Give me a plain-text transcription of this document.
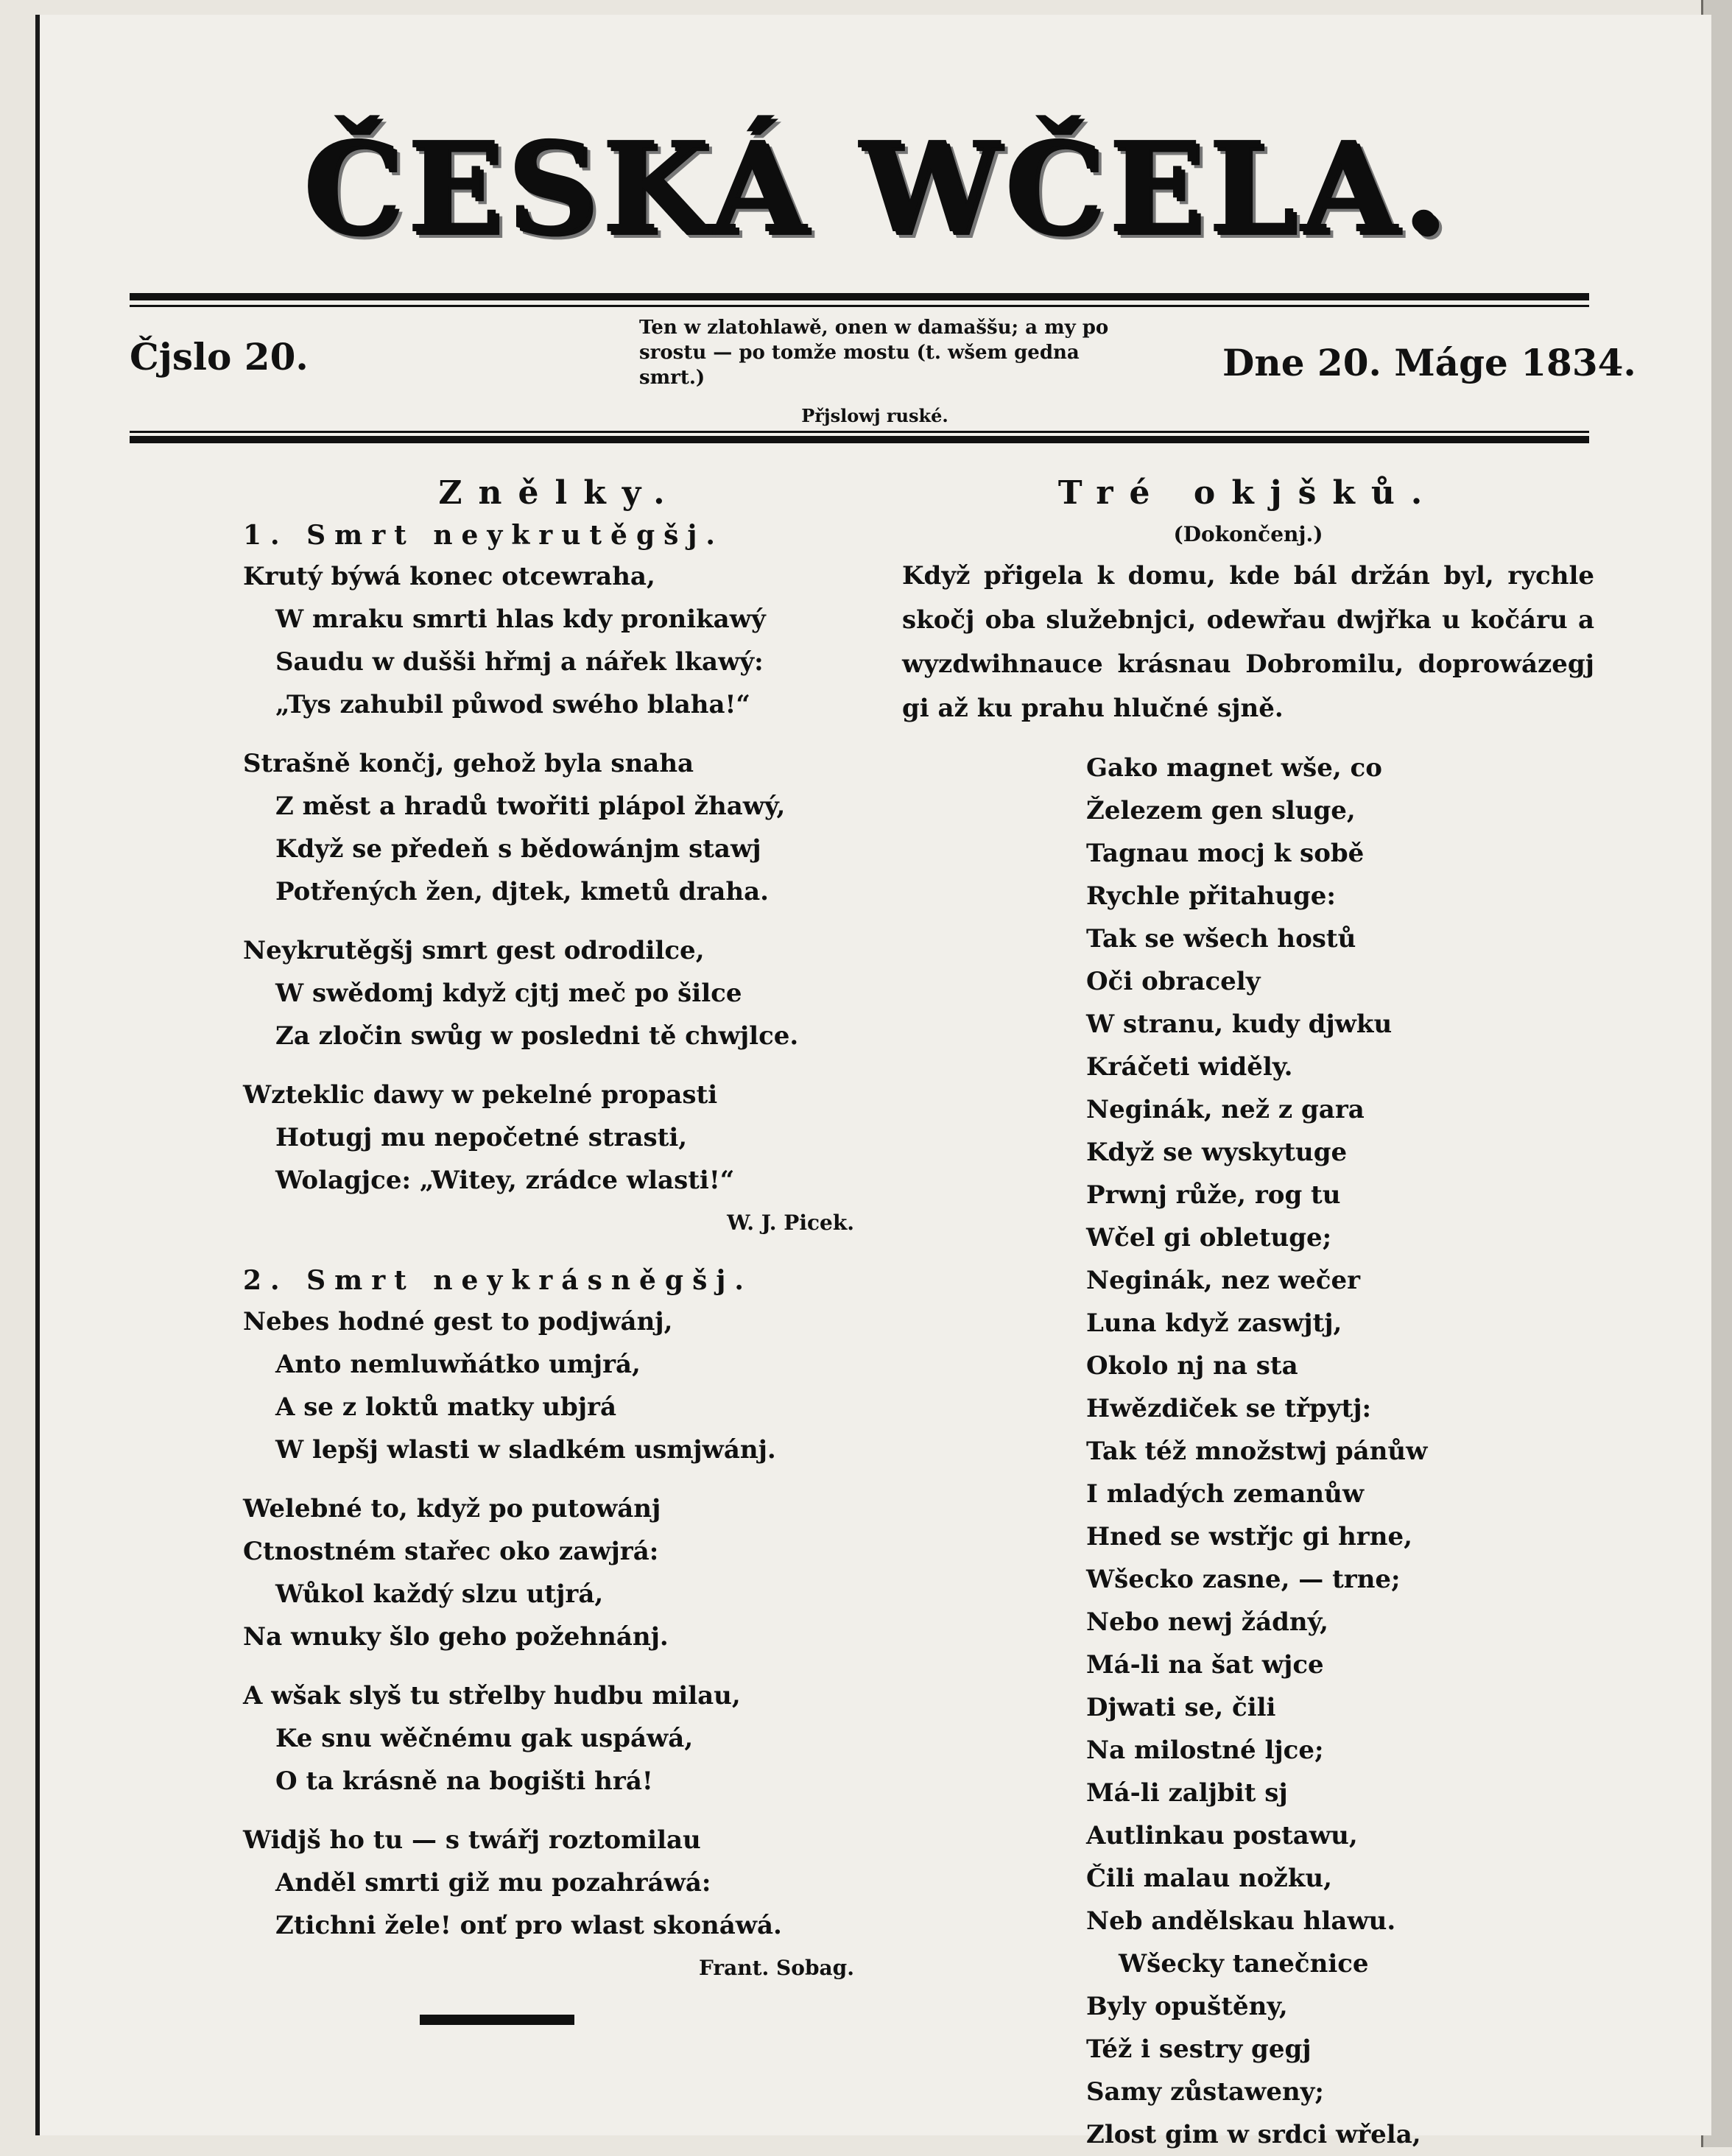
ČESKÁ WČELA.
Čjslo 20.
Ten w zlatohlawě, onen w damaššu; a my po srostu — po tomže mostu (t. wšem gedna smrt.)
Přjslowj ruské.
Dne 20. Máge 1834.
Znělky.
1. Smrt neykrutěgšj.
Krutý býwá konec otcewraha,
W mraku smrti hlas kdy pronikawý
Saudu w dušši hřmj a nářek lkawý:
„Tys zahubil půwod swého blaha!“
Strašně končj, gehož byla snaha
Z měst a hradů twořiti plápol žhawý,
Když se předeň s bědowánjm stawj
Potřených žen, djtek, kmetů draha.
Neykrutěgšj smrt gest odrodilce,
W swědomj když cjtj meč po šilce
Za zločin swůg w posledni tě chwjlce.
Wzteklic dawy w pekelné propasti
Hotugj mu nepočetné strasti,
Wolagjce: „Witey, zrádce wlasti!“
W. J. Picek.
2. Smrt neykrásněgšj.
Nebes hodné gest to podjwánj,
Anto nemluwňátko umjrá,
A se z loktů matky ubjrá
W lepšj wlasti w sladkém usmjwánj.
Welebné to, když po putowánj
Ctnostném stařec oko zawjrá:
Wůkol každý slzu utjrá,
Na wnuky šlo geho požehnánj.
A wšak slyš tu střelby hudbu milau,
Ke snu wěčnému gak uspáwá,
O ta krásně na bogišti hrá!
Widjš ho tu — s twářj roztomilau
Anděl smrti giž mu pozahráwá:
Ztichni žele! onť pro wlast skonáwá.
Frant. Sobag.
Tré okjšků.
(Dokončenj.)
Když přigela k domu, kde bál držán byl, rychle skočj oba služebnjci, odewřau dwjřka u kočáru a wyzdwihnauce krásnau Dobromilu, doprowázegj gi až ku prahu hlučné sjně.
Gako magnet wše, co
Železem gen sluge,
Tagnau mocj k sobě
Rychle přitahuge:
Tak se wšech hostů
Oči obracely
W stranu, kudy djwku
Kráčeti widěly.
Neginák, než z gara
Když se wyskytuge
Prwnj růže, rog tu
Wčel gi obletuge;
Neginák, nez wečer
Luna když zaswjtj,
Okolo nj na sta
Hwězdiček se třpytj:
Tak též množstwj pánůw
I mladých zemanůw
Hned se wstřjc gi hrne,
Wšecko zasne, — trne;
Nebo newj žádný,
Má-li na šat wjce
Djwati se, čili
Na milostné ljce;
Má-li zaljbit sj
Autlinkau postawu,
Čili malau nožku,
Neb andělskau hlawu.
Wšecky tanečnice
Byly opuštěny,
Též i sestry gegj
Samy zůstaweny;
Zlost gim w srdci wřela,
